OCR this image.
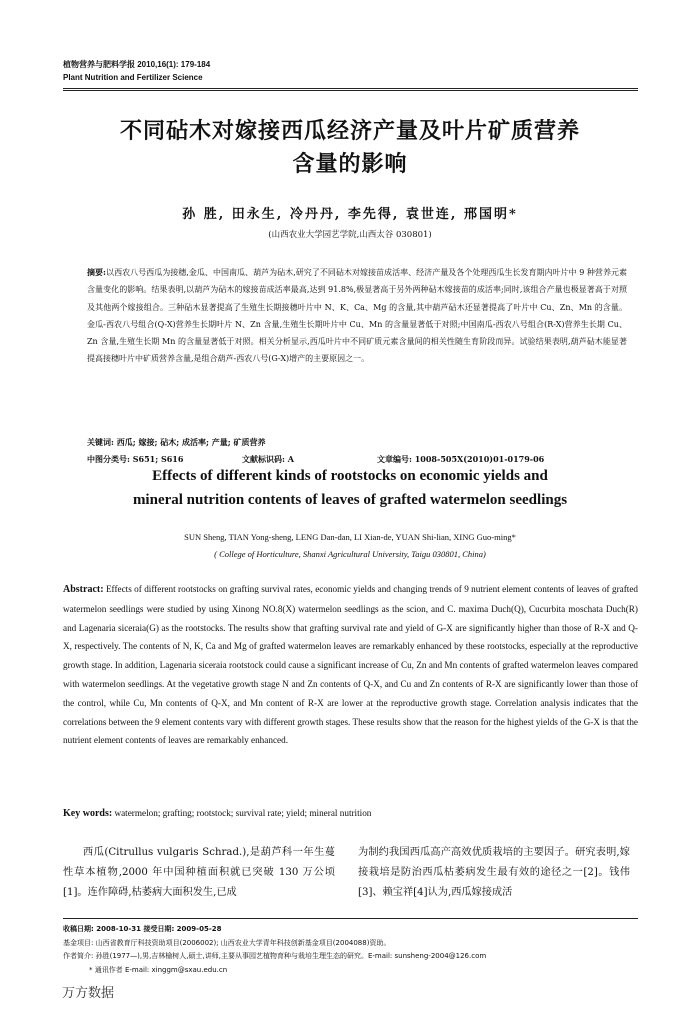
植物营养与肥料学报 2010,16(1): 179-184
Plant Nutrition and Fertilizer Science
不同砧木对嫁接西瓜经济产量及叶片矿质营养
含量的影响
孙 胜, 田永生, 冷丹丹, 李先得, 袁世连, 邢国明*
(山西农业大学园艺学院,山西太谷 030801)
摘要:以西农八号西瓜为接穗,金瓜、中国南瓜、葫芦为砧木,研究了不同砧木对嫁接苗成活率、经济产量及各个处理西瓜生长发育期内叶片中 9 种营养元素含量变化的影响。结果表明,以葫芦为砧木的嫁接苗成活率最高,达到 91.8%,极显著高于另外两种砧木嫁接苗的成活率;同时,该组合产量也极显著高于对照及其他两个嫁接组合。三种砧木显著提高了生殖生长期接穗叶片中 N、K、Ca、Mg 的含量,其中葫芦砧木还显著提高了叶片中 Cu、Zn、Mn 的含量。金瓜-西农八号组合(Q-X)营养生长期叶片 N、Zn 含量,生殖生长期叶片中 Cu、Mn 的含量显著低于对照;中国南瓜-西农八号组合(R-X)营养生长期 Cu、Zn 含量,生殖生长期 Mn 的含量显著低于对照。相关分析显示,西瓜叶片中不同矿质元素含量间的相关性随生育阶段而异。试验结果表明,葫芦砧木能显著提高接穗叶片中矿质营养含量,是组合葫芦-西农八号(G-X)增产的主要原因之一。
关键词: 西瓜; 嫁接; 砧木; 成活率; 产量; 矿质营养
中图分类号: S651; S616	文献标识码: A	文章编号: 1008-505X(2010)01-0179-06
Effects of different kinds of rootstocks on economic yields and
mineral nutrition contents of leaves of grafted watermelon seedlings
SUN Sheng, TIAN Yong-sheng, LENG Dan-dan, LI Xian-de, YUAN Shi-lian, XING Guo-ming*
( College of Horticulture, Shanxi Agricultural University, Taigu 030801, China)
Abstract: Effects of different rootstocks on grafting survival rates, economic yields and changing trends of 9 nutrient element contents of leaves of grafted watermelon seedlings were studied by using Xinong NO.8(X) watermelon seedlings as the scion, and C. maxima Duch(Q), Cucurbita moschata Duch(R) and Lagenaria siceraia(G) as the rootstocks. The results show that grafting survival rate and yield of G-X are significantly higher than those of R-X and Q-X, respectively. The contents of N, K, Ca and Mg of grafted watermelon leaves are remarkably enhanced by these rootstocks, especially at the reproductive growth stage. In addition, Lagenaria siceraia rootstock could cause a significant increase of Cu, Zn and Mn contents of grafted watermelon leaves compared with watermelon seedlings. At the vegetative growth stage N and Zn contents of Q-X, and Cu and Zn contents of R-X are significantly lower than those of the control, while Cu, Mn contents of Q-X, and Mn content of R-X are lower at the reproductive growth stage. Correlation analysis indicates that the correlations between the 9 element contents vary with different growth stages. These results show that the reason for the highest yields of the G-X is that the nutrient element contents of leaves are remarkably enhanced.
Key words: watermelon; grafting; rootstock; survival rate; yield; mineral nutrition
西瓜(Citrullus vulgaris Schrad.),是葫芦科一年生蔓性草本植物,2000 年中国种植面积就已突破 130 万公顷[1]。连作障碍,枯萎病大面积发生,已成
为制约我国西瓜高产高效优质栽培的主要因子。研究表明,嫁接栽培是防治西瓜枯萎病发生最有效的途径之一[2]。钱伟[3]、赖宝祥[4]认为,西瓜嫁接成活
收稿日期: 2008-10-31 接受日期: 2009-05-28
基金项目: 山西省教育厅科技资助项目(2006002); 山西农业大学青年科技创新基金项目(2004088)资助。
作者简介: 孙胜(1977—),男,吉林榆树人,硕士,讲师,主要从事园艺植物育种与栽培生理生态的研究。E-mail: sunsheng-2004@126.com
* 通讯作者 E-mail: xinggm@sxau.edu.cn
万方数据
